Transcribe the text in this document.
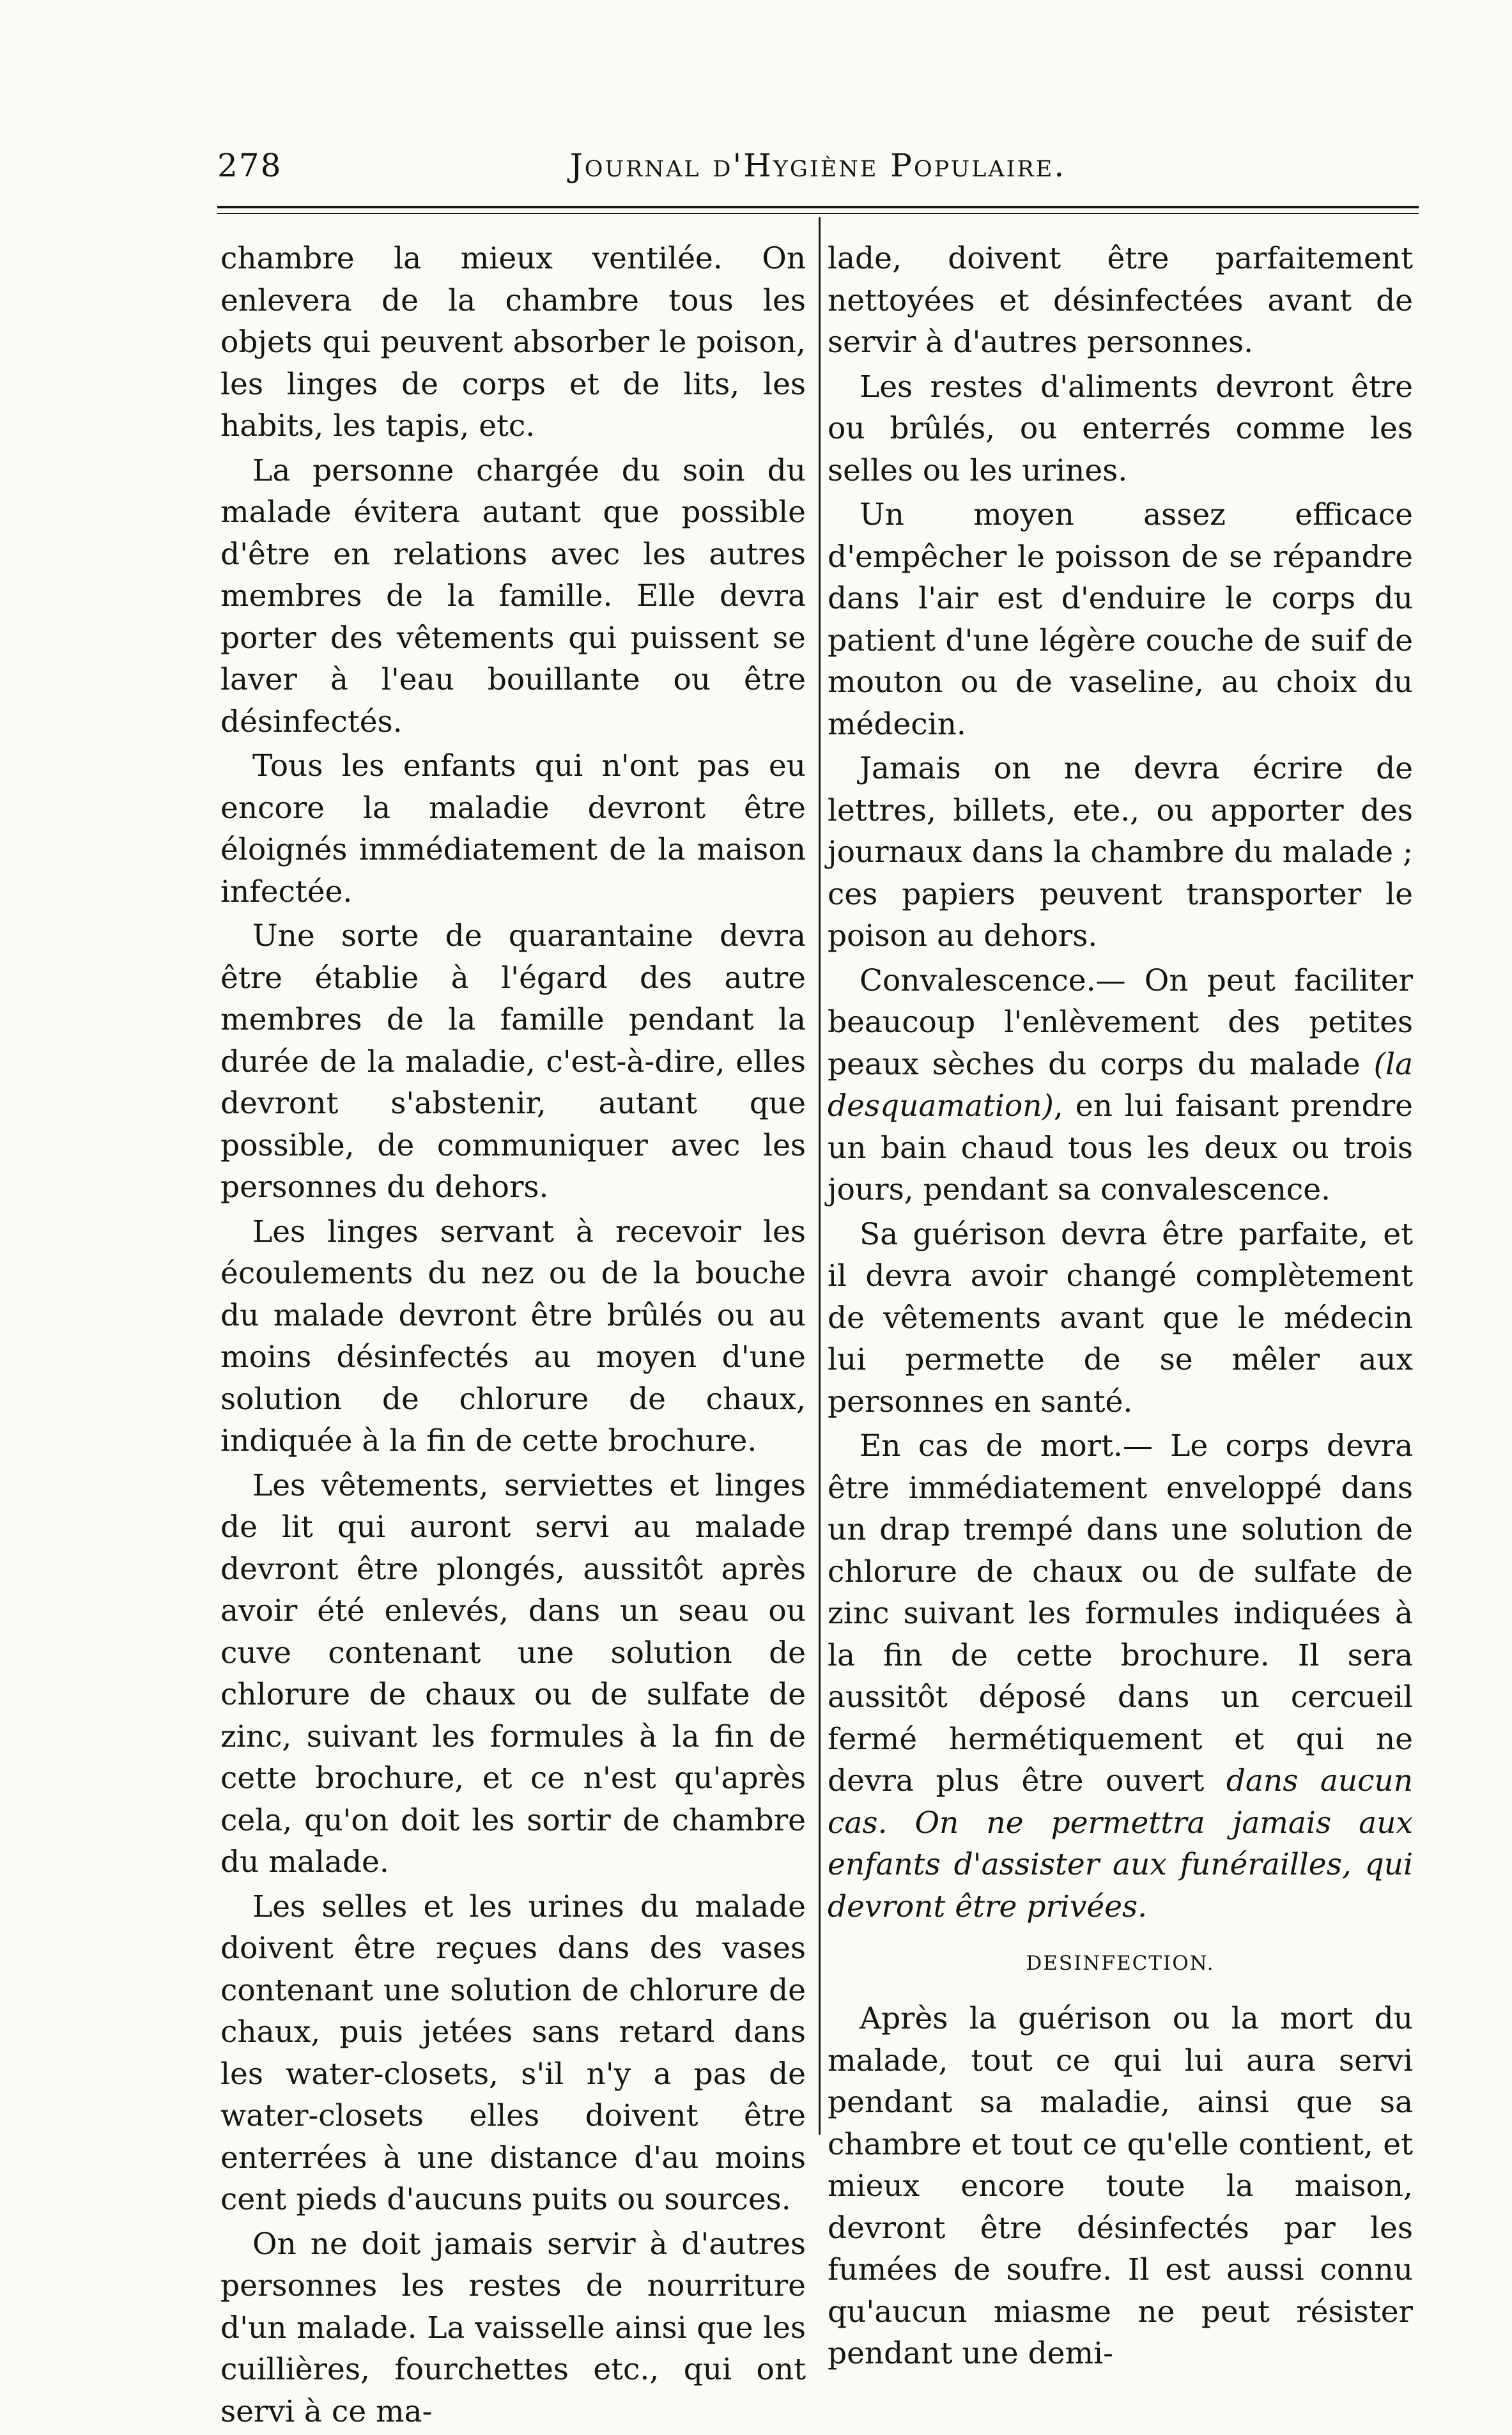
278	Journal d'Hygiène Populaire.

chambre la mieux ventilée. On enlevera de la chambre tous les objets qui peuvent absorber le poison, les linges de corps et de lits, les habits, les tapis, etc.

La personne chargée du soin du malade évitera autant que possible d'être en relations avec les autres membres de la famille. Elle devra porter des vêtements qui puissent se laver à l'eau bouillante ou être désinfectés.

Tous les enfants qui n'ont pas eu encore la maladie devront être éloignés immédiatement de la maison infectée.

Une sorte de quarantaine devra être établie à l'égard des autre membres de la famille pendant la durée de la maladie, c'est-à-dire, elles devront s'abstenir, autant que possible, de communiquer avec les personnes du dehors.

Les linges servant à recevoir les écoulements du nez ou de la bouche du malade devront être brûlés ou au moins désinfectés au moyen d'une solution de chlorure de chaux, indiquée à la fin de cette brochure.

Les vêtements, serviettes et linges de lit qui auront servi au malade devront être plongés, aussitôt après avoir été enlevés, dans un seau ou cuve contenant une solution de chlorure de chaux ou de sulfate de zinc, suivant les formules à la fin de cette brochure, et ce n'est qu'après cela, qu'on doit les sortir de chambre du malade.

Les selles et les urines du malade doivent être reçues dans des vases contenant une solution de chlorure de chaux, puis jetées sans retard dans les water-closets, s'il n'y a pas de water-closets elles doivent être enterrées à une distance d'au moins cent pieds d'aucuns puits ou sources.

On ne doit jamais servir à d'autres personnes les restes de nourriture d'un malade. La vaisselle ainsi que les cuillières, fourchettes etc., qui ont servi à ce ma-

lade, doivent être parfaitement nettoyées et désinfectées avant de servir à d'autres personnes.

Les restes d'aliments devront être ou brûlés, ou enterrés comme les selles ou les urines.

Un moyen assez efficace d'empêcher le poisson de se répandre dans l'air est d'enduire le corps du patient d'une légère couche de suif de mouton ou de vaseline, au choix du médecin.

Jamais on ne devra écrire de lettres, billets, ete., ou apporter des journaux dans la chambre du malade ; ces papiers peuvent transporter le poison au dehors.

Convalescence.— On peut faciliter beaucoup l'enlèvement des petites peaux sèches du corps du malade (la desquamation), en lui faisant prendre un bain chaud tous les deux ou trois jours, pendant sa convalescence.

Sa guérison devra être parfaite, et il devra avoir changé complètement de vêtements avant que le médecin lui permette de se mêler aux personnes en santé.

En cas de mort.— Le corps devra être immédiatement enveloppé dans un drap trempé dans une solution de chlorure de chaux ou de sulfate de zinc suivant les formules indiquées à la fin de cette brochure. Il sera aussitôt déposé dans un cercueil fermé hermétiquement et qui ne devra plus être ouvert dans aucun cas. On ne permettra jamais aux enfants d'assister aux funérailles, qui devront être privées.

DESINFECTION.

Après la guérison ou la mort du malade, tout ce qui lui aura servi pendant sa maladie, ainsi que sa chambre et tout ce qu'elle contient, et mieux encore toute la maison, devront être désinfectés par les fumées de soufre. Il est aussi connu qu'aucun miasme ne peut résister pendant une demi-
